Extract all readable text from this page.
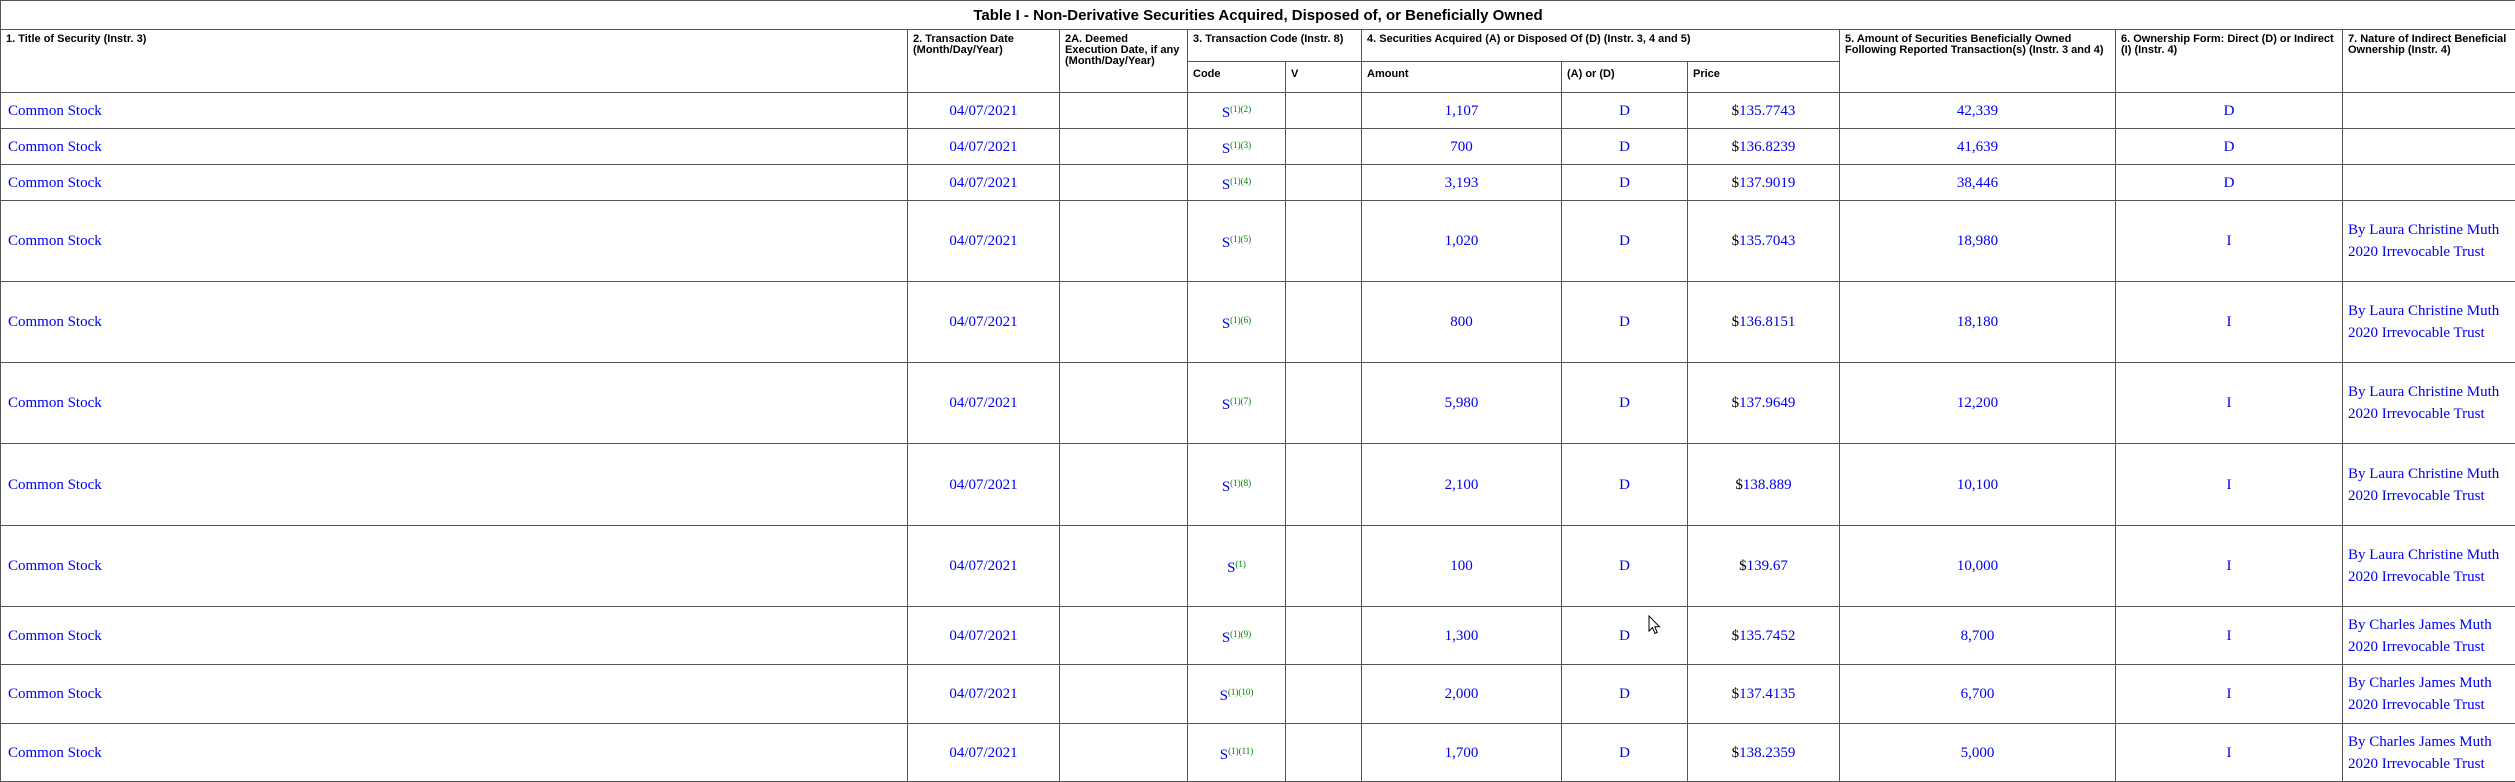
Table I - Non-Derivative Securities Acquired, Disposed of, or Beneficially Owned										
1. Title of Security (Instr. 3)	2. Transaction Date (Month/Day/Year)	2A. Deemed Execution Date, if any (Month/Day/Year)	3. Transaction Code (Instr. 8)		4. Securities Acquired (A) or Disposed Of (D) (Instr. 3, 4 and 5)			5. Amount of Securities Beneficially Owned Following Reported Transaction(s) (Instr. 3 and 4)	6. Ownership Form: Direct (D) or Indirect (I) (Instr. 4)	7. Nature of Indirect Beneficial Ownership (Instr. 4)
			Code	V	Amount	(A) or (D)	Price			
Common Stock	04/07/2021		S$^{(1)(2)}$		1,107	D	$135.7743	42,339	D	
Common Stock	04/07/2021		S$^{(1)(3)}$		700	D	$136.8239	41,639	D	
Common Stock	04/07/2021		S$^{(1)(4)}$		3,193	D	$137.9019	38,446	D	
Common Stock	04/07/2021		S$^{(1)(5)}$		1,020	D	$135.7043	18,980	I	By Laura Christine Muth 2020 Irrevocable Trust
Common Stock	04/07/2021		S$^{(1)(6)}$		800	D	$136.8151	18,180	I	By Laura Christine Muth 2020 Irrevocable Trust
Common Stock	04/07/2021		S$^{(1)(7)}$		5,980	D	$137.9649	12,200	I	By Laura Christine Muth 2020 Irrevocable Trust
Common Stock	04/07/2021		S$^{(1)(8)}$		2,100	D	$138.889	10,100	I	By Laura Christine Muth 2020 Irrevocable Trust
Common Stock	04/07/2021		S$^{(1)}$		100	D	$139.67	10,000	I	By Laura Christine Muth 2020 Irrevocable Trust
Common Stock	04/07/2021		S$^{(1)(9)}$		1,300	D	$135.7452	8,700	I	By Charles James Muth 2020 Irrevocable Trust
Common Stock	04/07/2021		S$^{(1)(10)}$		2,000	D	$137.4135	6,700	I	By Charles James Muth 2020 Irrevocable Trust
Common Stock	04/07/2021		S$^{(1)(11)}$		1,700	D	$138.2359	5,000	I	By Charles James Muth 2020 Irrevocable Trust
